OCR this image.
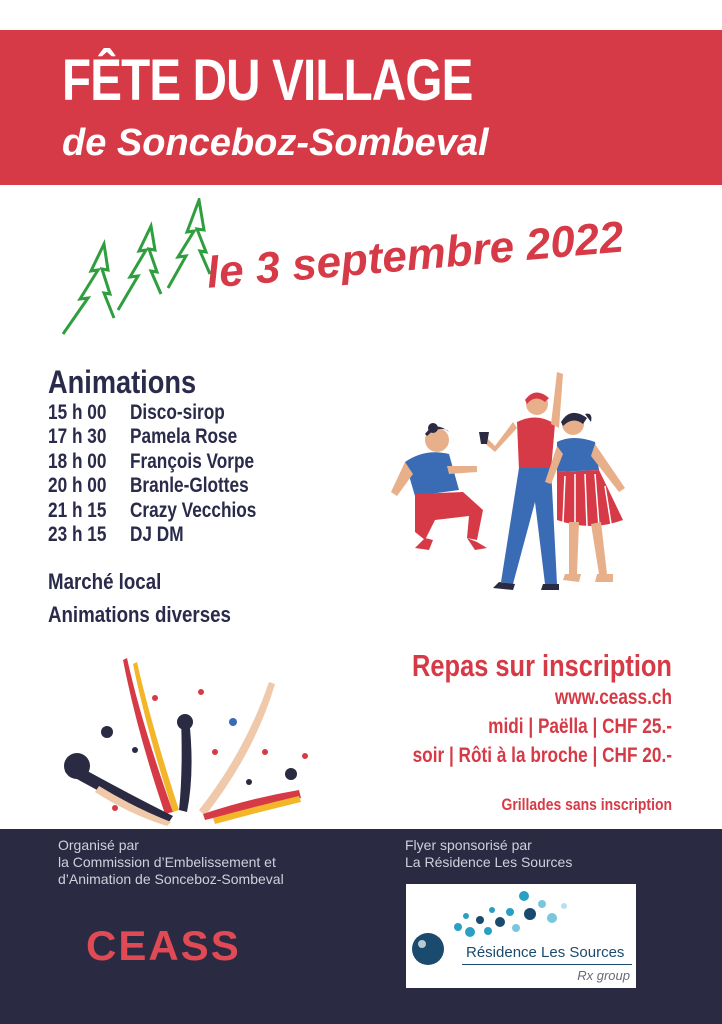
FÊTE DU VILLAGE
de Sonceboz-Sombeval
le 3 septembre 2022
Animations
15 h 00	Disco-sirop
17 h 30	Pamela Rose
18 h 00	François Vorpe
20 h 00	Branle-Glottes
21 h 15	Crazy Vecchios
23 h 15	DJ DM
Marché local
Animations diverses
Repas sur inscription
www.ceass.ch
midi | Paëlla | CHF 25.-
soir | Rôti à la broche | CHF 20.-
Grillades sans inscription
Organisé par
la Commission d’Embelissement et
d’Animation de Sonceboz-Sombeval
Flyer sponsorisé par
La Résidence Les Sources
CEASS	Résidence Les Sources
Rx group
